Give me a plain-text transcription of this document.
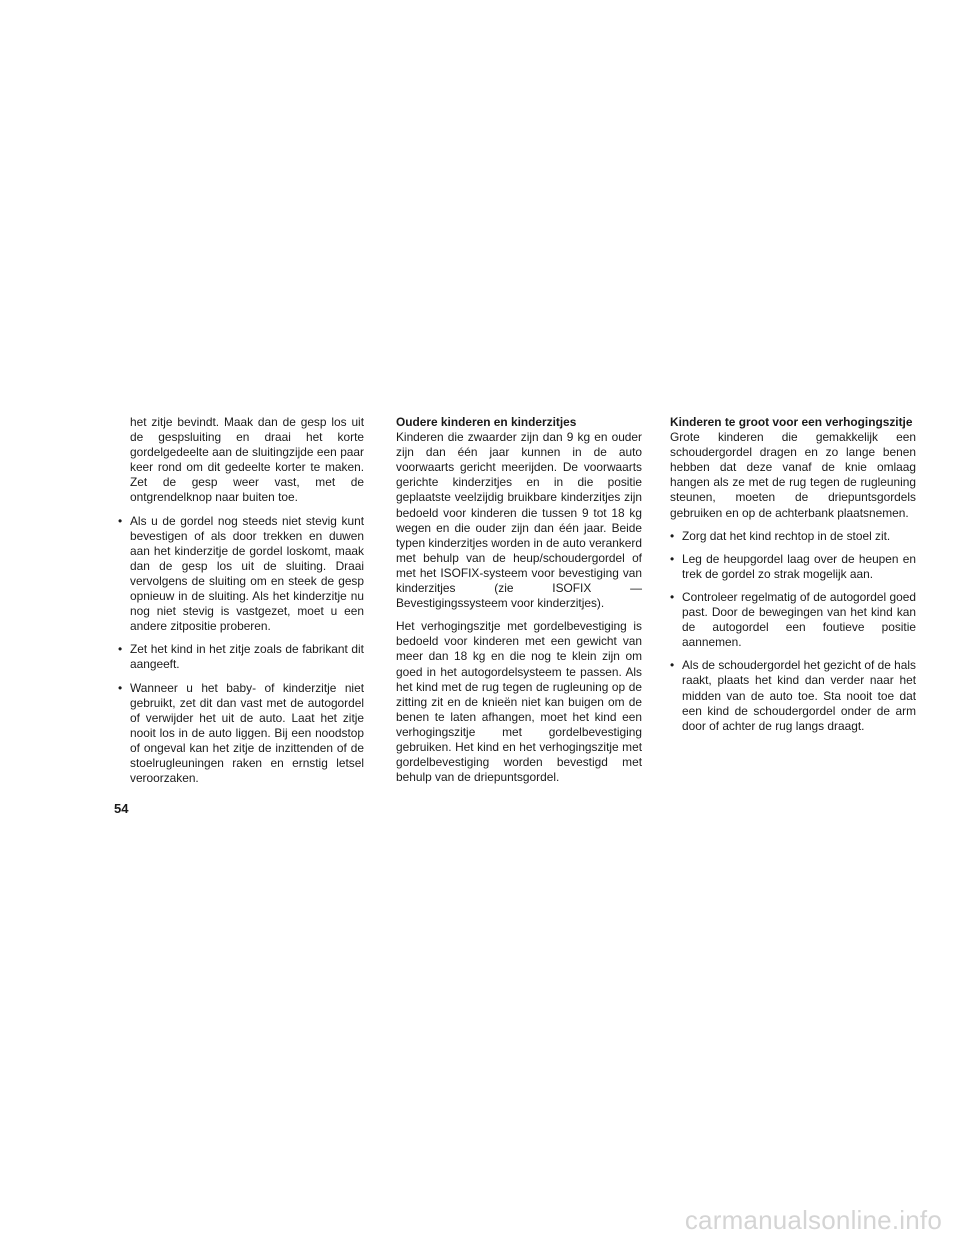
het zitje bevindt. Maak dan de gesp los uit de gespsluiting en draai het korte gordelgedeelte aan de sluitingzijde een paar keer rond om dit gedeelte korter te maken. Zet de gesp weer vast, met de ontgrendelknop naar buiten toe.

• Als u de gordel nog steeds niet stevig kunt bevestigen of als door trekken en duwen aan het kinderzitje de gordel loskomt, maak dan de gesp los uit de sluiting. Draai vervolgens de sluiting om en steek de gesp opnieuw in de sluiting. Als het kinderzitje nu nog niet stevig is vastgezet, moet u een andere zitpositie proberen.
• Zet het kind in het zitje zoals de fabrikant dit aangeeft.
• Wanneer u het baby- of kinderzitje niet gebruikt, zet dit dan vast met de autogordel of verwijder het uit de auto. Laat het zitje nooit los in de auto liggen. Bij een noodstop of ongeval kan het zitje de inzittenden of de stoelrugleuningen raken en ernstig letsel veroorzaken.

Oudere kinderen en kinderzitjes

Kinderen die zwaarder zijn dan 9 kg en ouder zijn dan één jaar kunnen in de auto voorwaarts gericht meerijden. De voorwaarts gerichte kinderzitjes en in die positie geplaatste veelzijdig bruikbare kinderzitjes zijn bedoeld voor kinderen die tussen 9 tot 18 kg wegen en die ouder zijn dan één jaar. Beide typen kinderzitjes worden in de auto verankerd met behulp van de heup/schoudergordel of met het ISOFIX-systeem voor bevestiging van kinderzitjes (zie ISOFIX — Bevestigingssysteem voor kinderzitjes).

Het verhogingszitje met gordelbevestiging is bedoeld voor kinderen met een gewicht van meer dan 18 kg en die nog te klein zijn om goed in het autogordelsysteem te passen. Als het kind met de rug tegen de rugleuning op de zitting zit en de knieën niet kan buigen om de benen te laten afhangen, moet het kind een verhogingszitje met gordelbevestiging gebruiken. Het kind en het verhogingszitje met gordelbevestiging worden bevestigd met behulp van de driepuntsgordel.

Kinderen te groot voor een verhogingszitje

Grote kinderen die gemakkelijk een schoudergordel dragen en zo lange benen hebben dat deze vanaf de knie omlaag hangen als ze met de rug tegen de rugleuning steunen, moeten de driepuntsgordels gebruiken en op de achterbank plaatsnemen.

• Zorg dat het kind rechtop in de stoel zit.
• Leg de heupgordel laag over de heupen en trek de gordel zo strak mogelijk aan.
• Controleer regelmatig of de autogordel goed past. Door de bewegingen van het kind kan de autogordel een foutieve positie aannemen.
• Als de schoudergordel het gezicht of de hals raakt, plaats het kind dan verder naar het midden van de auto toe. Sta nooit toe dat een kind de schoudergordel onder de arm door of achter de rug langs draagt.
54
carmanualsonline.info
